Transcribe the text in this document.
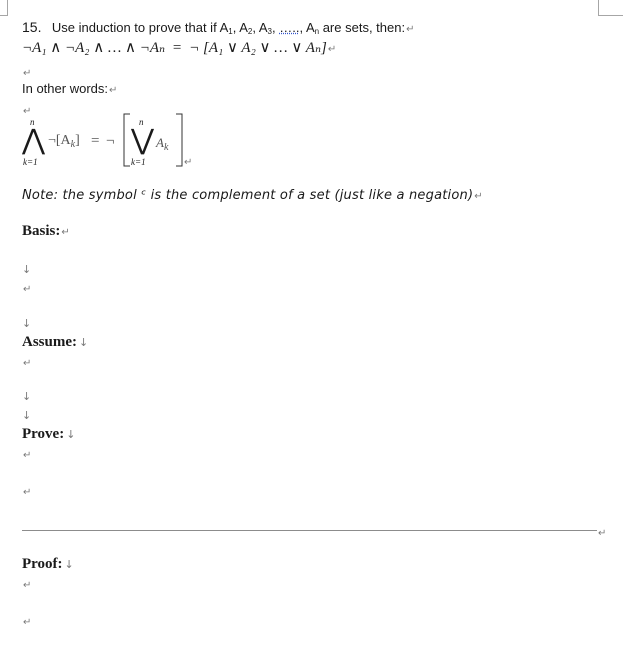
15. Use induction to prove that if $A_1$, $A_2$, $A_3$, ….., $A_n$ are sets, then:↵
¬A₁ ∧ ¬A₂ ∧ … ∧ ¬Aₙ = ¬ [A₁ ∨ A₂ ∨ … ∨ Aₙ]↵
↵
In other words:↵
↵
n
⋀
k=1
$\neg[A_k]$ = ¬
n
⋁
k=1
$A_k$
↵
Note: the symbol ᶜ is the complement of a set (just like a negation)↵
Basis:↵
↓
↵
↓
Assume: ↓
↵
↓
↓
Prove: ↓
↵
↵
↵
Proof: ↓
↵
↵
